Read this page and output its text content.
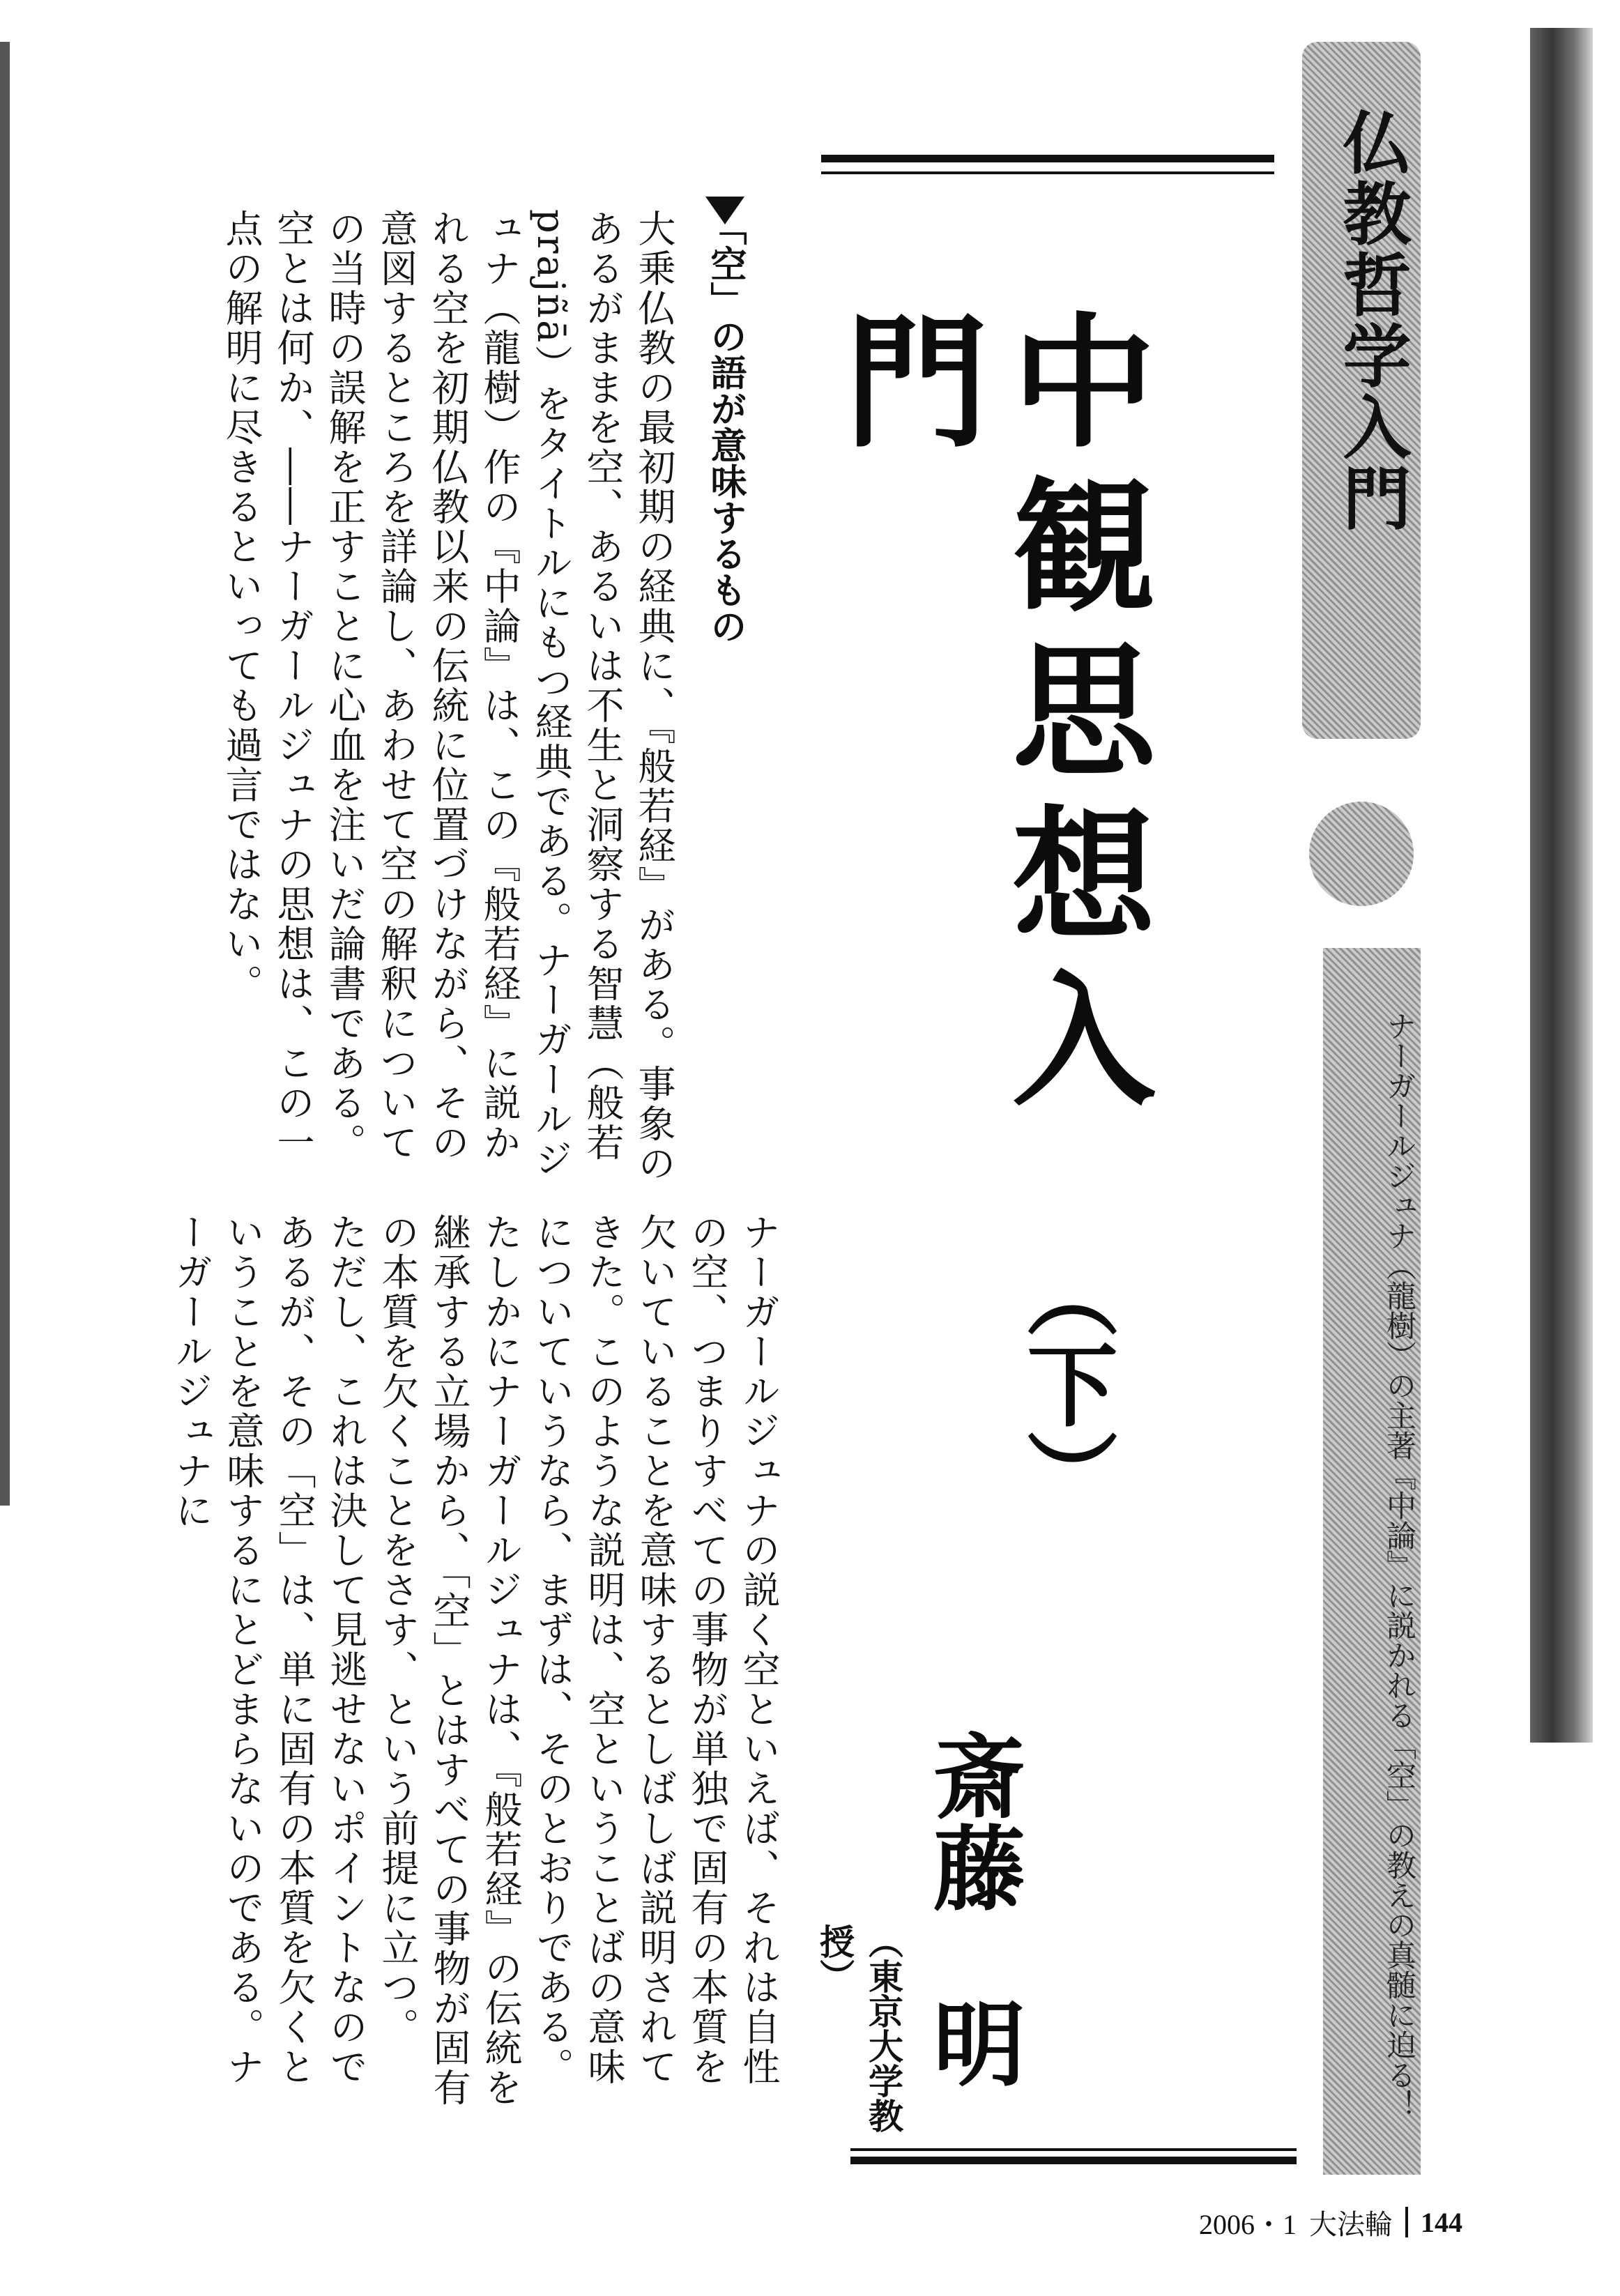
仏教哲学入門
ナーガールジュナ（龍樹）の主著『中論』に説かれる「空」の教えの真髄に迫る！
中観思想入門
（下）
斎藤明
（東京大学教授）
「空」の語が意味するもの

大乗仏教の最初期の経典に、『般若経』がある。事象のあるがままを空、あるいは不生と洞察する智慧（般若prajñā）をタイトルにもつ経典である。ナーガールジュナ（龍樹）作の『中論』は、この『般若経』に説かれる空を初期仏教以来の伝統に位置づけながら、その意図するところを詳論し、あわせて空の解釈についての当時の誤解を正すことに心血を注いだ論書である。空とは何か、――ナーガールジュナの思想は、この一点の解明に尽きるといっても過言ではない。

ナーガールジュナの説く空といえば、それは自性の空、つまりすべての事物が単独で固有の本質を欠いていることを意味するとしばしば説明されてきた。このような説明は、空ということばの意味についていうなら、まずは、そのとおりである。たしかにナーガールジュナは、『般若経』の伝統を継承する立場から、「空」とはすべての事物が固有の本質を欠くことをさす、という前提に立つ。

ただし、これは決して見逃せないポイントなのであるが、その「空」は、単に固有の本質を欠くということを意味するにとどまらないのである。ナーガールジュナに

2006・1 大法輪 144
